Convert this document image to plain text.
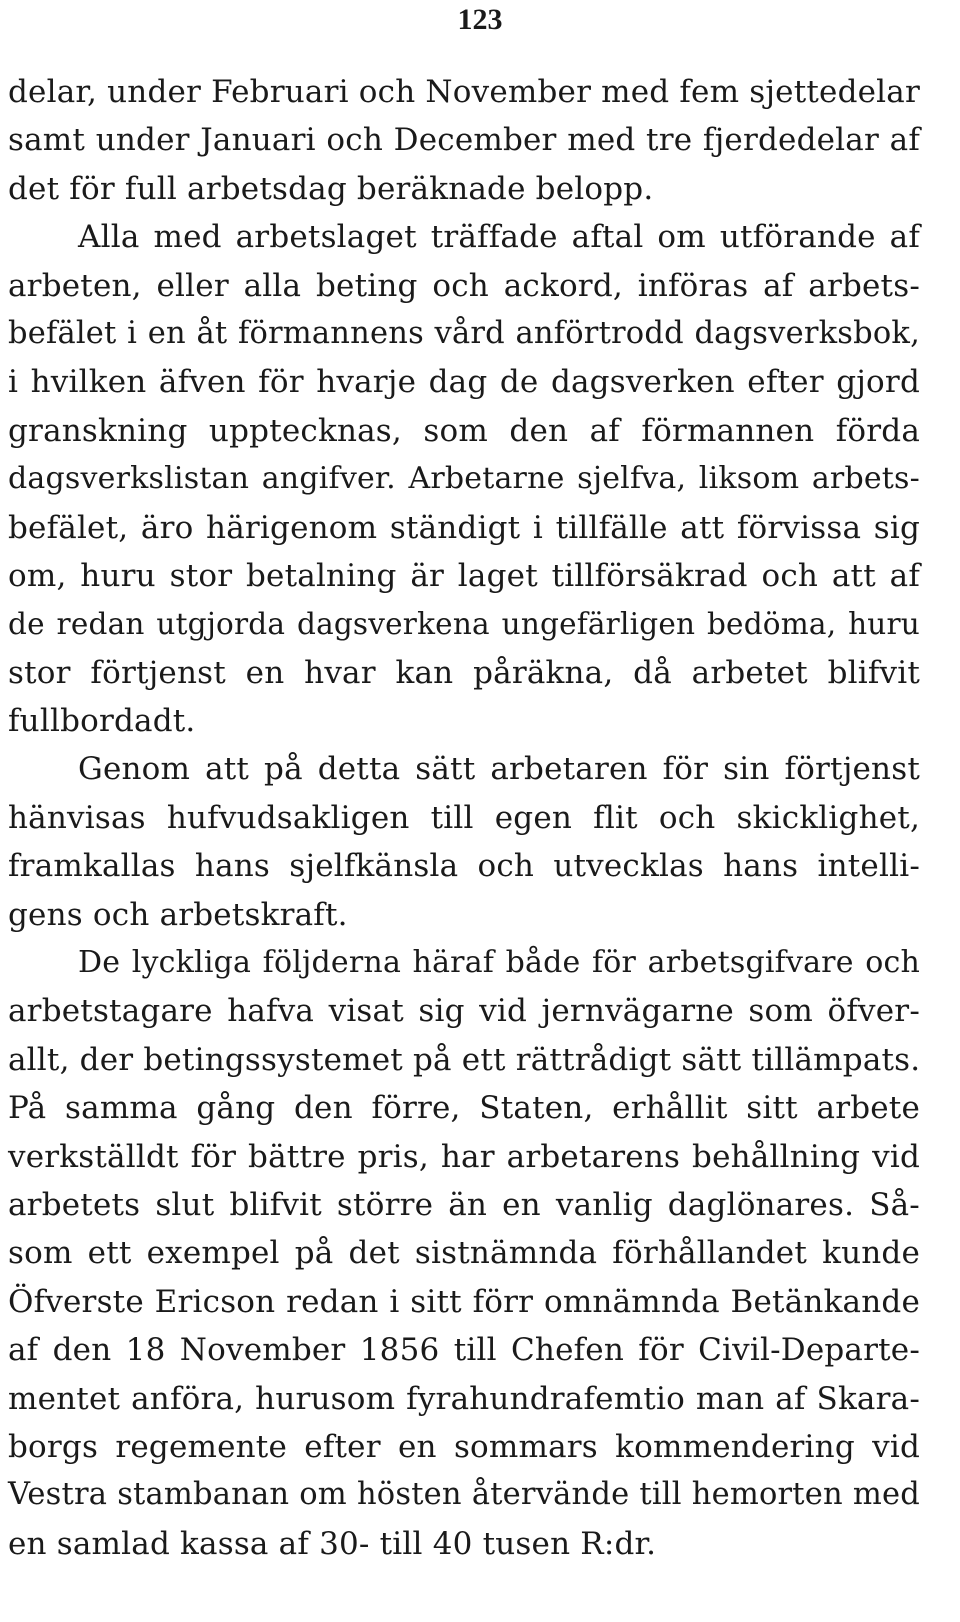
123
delar, under Februari och November med fem sjettedelar
samt under Januari och December med tre fjerdedelar af
det för full arbetsdag beräknade belopp.
Alla med arbetslaget träffade aftal om utförande af
arbeten, eller alla beting och ackord, införas af arbets-
befälet i en åt förmannens vård anförtrodd dagsverksbok,
i hvilken äfven för hvarje dag de dagsverken efter gjord
granskning upptecknas, som den af förmannen förda
dagsverkslistan angifver. Arbetarne sjelfva, liksom arbets-
befälet, äro härigenom ständigt i tillfälle att förvissa sig
om, huru stor betalning är laget tillförsäkrad och att af
de redan utgjorda dagsverkena ungefärligen bedöma, huru
stor förtjenst en hvar kan påräkna, då arbetet blifvit
fullbordadt.
Genom att på detta sätt arbetaren för sin förtjenst
hänvisas hufvudsakligen till egen flit och skicklighet,
framkallas hans sjelfkänsla och utvecklas hans intelli-
gens och arbetskraft.
De lyckliga följderna häraf både för arbetsgifvare och
arbetstagare hafva visat sig vid jernvägarne som öfver-
allt, der betingssystemet på ett rättrådigt sätt tillämpats.
På samma gång den förre, Staten, erhållit sitt arbete
verkställdt för bättre pris, har arbetarens behållning vid
arbetets slut blifvit större än en vanlig daglönares. Så-
som ett exempel på det sistnämnda förhållandet kunde
Öfverste Ericson redan i sitt förr omnämnda Betänkande
af den 18 November 1856 till Chefen för Civil-Departe-
mentet anföra, hurusom fyrahundrafemtio man af Skara-
borgs regemente efter en sommars kommendering vid
Vestra stambanan om hösten återvände till hemorten med
en samlad kassa af 30- till 40 tusen R:dr.
